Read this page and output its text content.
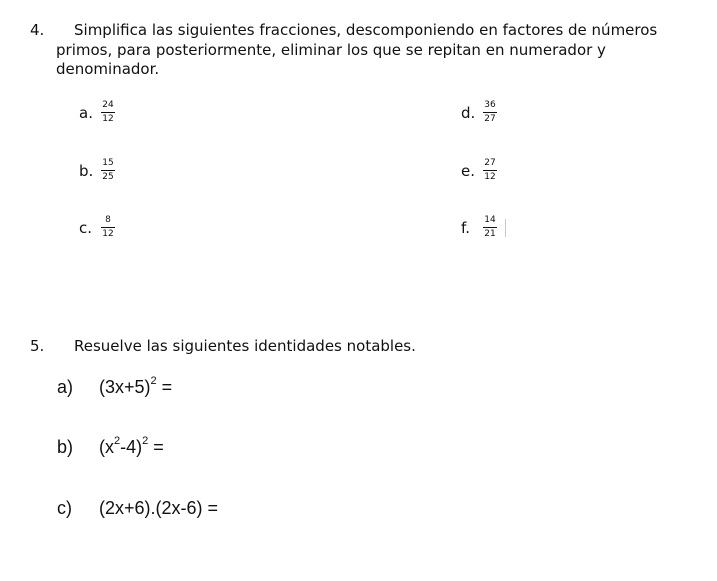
4.	Simplifica las siguientes fracciones, descomponiendo en factores de números
primos, para posteriormente, eliminar los que se repitan en numerador y
denominador.
a. $\frac{24}{12}$
b. $\frac{15}{25}$
c. $\frac{8}{12}$
d. $\frac{36}{27}$
e. $\frac{27}{12}$
f.	$\frac{14}{21}$
5. Resuelve las siguientes identidades notables.
a) $(3x+5)^2$ =
b) $(x^2-4)^2$ =
c) (2x+6).(2x-6) =
